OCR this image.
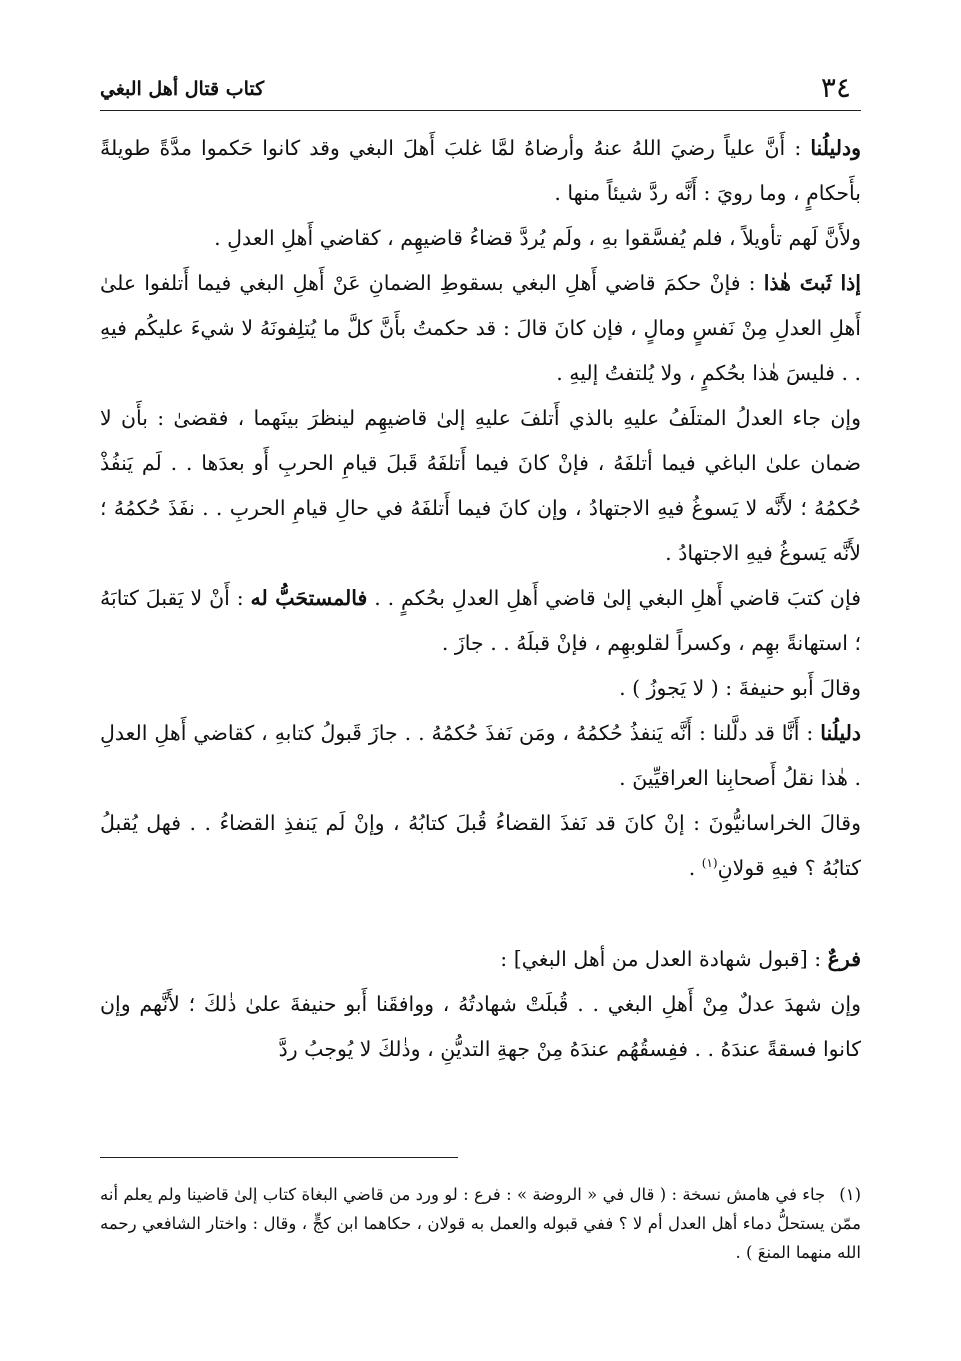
٣٤
كتاب قتال أهل البغي

ودليلُنا : أَنَّ علياً رضيَ اللهُ عنهُ وأرضاهُ لمَّا غلبَ أَهلَ البغي وقد كانوا حَكموا مدَّةً طويلةً بأَحكامٍ ، وما رويَ : أَنَّه ردَّ شيئاً منها .

ولأَنَّ لَهم تأويلاً ، فلم يُفسَّقوا بهِ ، ولَم يُردَّ قضاءُ قاضيهِم ، كقاضي أَهلِ العدلِ .

إذا ثَبتَ هٰذا : فإنْ حكمَ قاضي أَهلِ البغي بسقوطِ الضمانِ عَنْ أَهلِ البغي فيما أَتلفوا علىٰ أَهلِ العدلِ مِنْ نَفسٍ ومالٍ ، فإن كانَ قالَ : قد حكمتُ بأَنَّ كلَّ ما يُتلِفونَهُ لا شيءَ عليكُم فيهِ . . فليسَ هٰذا بحُكمٍ ، ولا يُلتفتُ إليهِ .

وإن جاء العدلُ المتلَفُ عليهِ بالذي أَتلفَ عليهِ إلىٰ قاضيهِم لينظرَ بينَهما ، فقضىٰ : بأَن لا ضمان علىٰ الباغي فيما أتلفَهُ ، فإنْ كانَ فيما أَتلفَهُ قَبلَ قيامِ الحربِ أَو بعدَها . . لَم يَنفُذْ حُكمُهُ ؛ لأَنَّه لا يَسوغُ فيهِ الاجتهادُ ، وإن كانَ فيما أَتلفَهُ في حالِ قيامِ الحربِ . . نفَذَ حُكمُهُ ؛ لأَنَّه يَسوغُ فيهِ الاجتهادُ .

فإن كتبَ قاضي أَهلِ البغي إلىٰ قاضي أَهلِ العدلِ بحُكمٍ . . فالمستحَبُّ له : أَنْ لا يَقبلَ كتابَهُ ؛ استهانةً بهِم ، وكسراً لقلوبهِم ، فإنْ قبلَهُ . . جازَ .

وقالَ أَبو حنيفةَ : ( لا يَجوزُ ) .

دليلُنا : أَنَّا قد دلَّلنا : أَنَّه يَنفذُ حُكمُهُ ، ومَن نَفذَ حُكمُهُ . . جازَ قَبولُ كتابهِ ، كقاضي أَهلِ العدلِ . هٰذا نقلُ أَصحابِنا العراقيِّينَ .

وقالَ الخراسانيُّونَ : إنْ كانَ قد نَفذَ القضاءُ قُبلَ كتابُهُ ، وإنْ لَم يَنفذِ القضاءُ . . فهل يُقبلُ كتابُهُ ؟ فيهِ قولانِ$^{(١)}$ .

فرعٌ : [قبول شهادة العدل من أهل البغي] :

وإن شهدَ عدلٌ مِنْ أَهلِ البغي . . قُبلَتْ شهادتُهُ ، ووافقَنا أَبو حنيفةَ علىٰ ذٰلكَ ؛ لأَنَّهم وإن كانوا فسقةً عندَهُ . . ففِسقُهُم عندَهُ مِنْ جهةِ التديُّنِ ، وذٰلكَ لا يُوجبُ ردَّ

(١)جاء في هامش نسخة : ( قال في « الروضة » : فرع : لو ورد من قاضي البغاة كتاب إلىٰ قاضينا ولم يعلم أنه ممّن يستحلُّ دماء أهل العدل أم لا ؟ ففي قبوله والعمل به قولان ، حكاهما ابن كجٍّ ، وقال : واختار الشافعي رحمه الله منهما المنعَ ) .
